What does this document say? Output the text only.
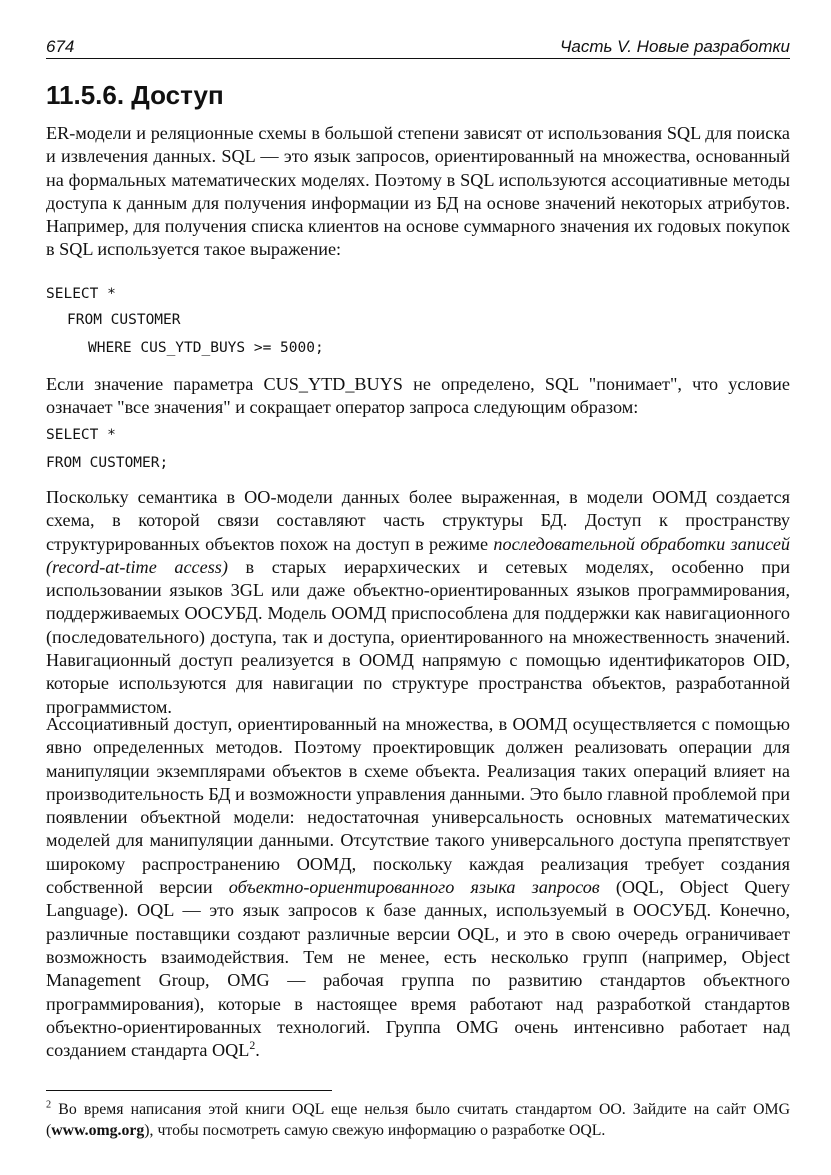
674	Часть V. Новые разработки
11.5.6. Доступ

ER-модели и реляционные схемы в большой степени зависят от использования SQL для поиска и извлечения данных. SQL — это язык запросов, ориентированный на множества, основанный на формальных математических моделях. Поэтому в SQL используются ассоциативные методы доступа к данным для получения информации из БД на основе значений некоторых атрибутов. Например, для получения списка клиентов на основе суммарного значения их годовых покупок в SQL используется такое выражение:

SELECT *
FROM CUSTOMER
WHERE CUS_YTD_BUYS >= 5000;

Если значение параметра CUS_YTD_BUYS не определено, SQL "понимает", что условие означает "все значения" и сокращает оператор запроса следующим образом:

SELECT *
FROM CUSTOMER;

Поскольку семантика в ОО-модели данных более выраженная, в модели ООМД создается схема, в которой связи составляют часть структуры БД. Доступ к пространству структурированных объектов похож на доступ в режиме последовательной обработки записей (record-at-time access) в старых иерархических и сетевых моделях, особенно при использовании языков 3GL или даже объектно-ориентированных языков программирования, поддерживаемых ООСУБД. Модель ООМД приспособлена для поддержки как навигационного (последовательного) доступа, так и доступа, ориентированного на множественность значений. Навигационный доступ реализуется в ООМД напрямую с помощью идентификаторов OID, которые используются для навигации по структуре пространства объектов, разработанной программистом.

Ассоциативный доступ, ориентированный на множества, в ООМД осуществляется с помощью явно определенных методов. Поэтому проектировщик должен реализовать операции для манипуляции экземплярами объектов в схеме объекта. Реализация таких операций влияет на производительность БД и возможности управления данными. Это было главной проблемой при появлении объектной модели: недостаточная универсальность основных математических моделей для манипуляции данными. Отсутствие такого универсального доступа препятствует широкому распространению ООМД, поскольку каждая реализация требует создания собственной версии объектно-ориентированного языка запросов (OQL, Object Query Language). OQL — это язык запросов к базе данных, используемый в ООСУБД. Конечно, различные поставщики создают различные версии OQL, и это в свою очередь ограничивает возможность взаимодействия. Тем не менее, есть несколько групп (например, Object Management Group, OMG — рабочая группа по развитию стандартов объектного программирования), которые в настоящее время работают над разработкой стандартов объектно-ориентированных технологий. Группа OMG очень интенсивно работает над созданием стандарта OQL$^2$.

$^2$ Во время написания этой книги OQL еще нельзя было считать стандартом ОО. Зайдите на сайт OMG (www.omg.org), чтобы посмотреть самую свежую информацию о разработке OQL.
